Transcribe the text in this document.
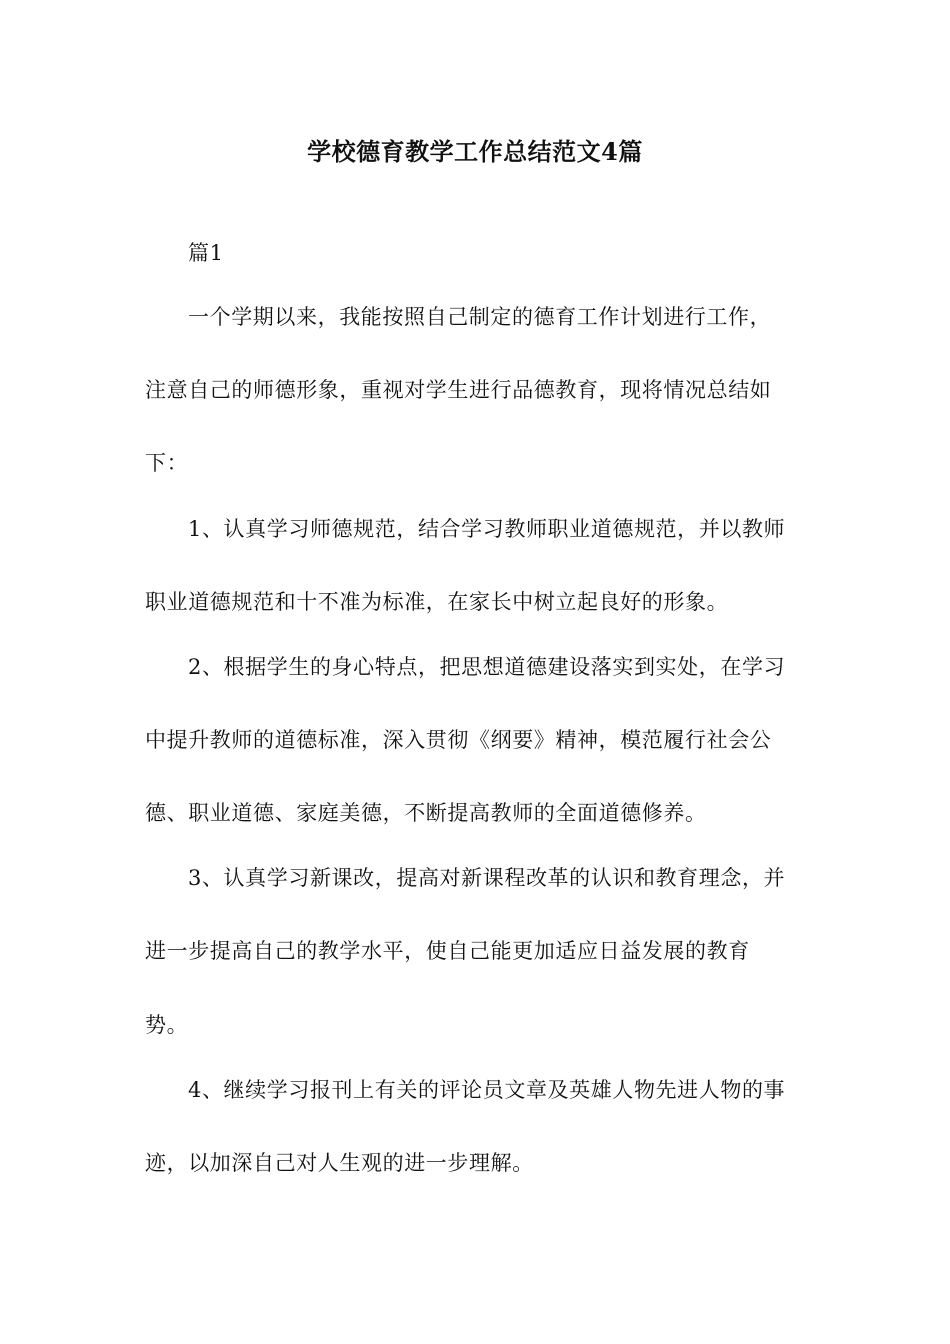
学校德育教学工作总结范文4篇
篇1
一个学期以来，我能按照自己制定的德育工作计划进行工作，
注意自己的师德形象，重视对学生进行品德教育，现将情况总结如
下：
1、认真学习师德规范，结合学习教师职业道德规范，并以教师
职业道德规范和十不准为标准，在家长中树立起良好的形象。
2、根据学生的身心特点，把思想道德建设落实到实处，在学习
中提升教师的道德标准，深入贯彻《纲要》精神，模范履行社会公
德、职业道德、家庭美德，不断提高教师的全面道德修养。
3、认真学习新课改，提高对新课程改革的认识和教育理念，并
进一步提高自己的教学水平，使自己能更加适应日益发展的教育
势。
4、继续学习报刊上有关的评论员文章及英雄人物先进人物的事
迹，以加深自己对人生观的进一步理解。
